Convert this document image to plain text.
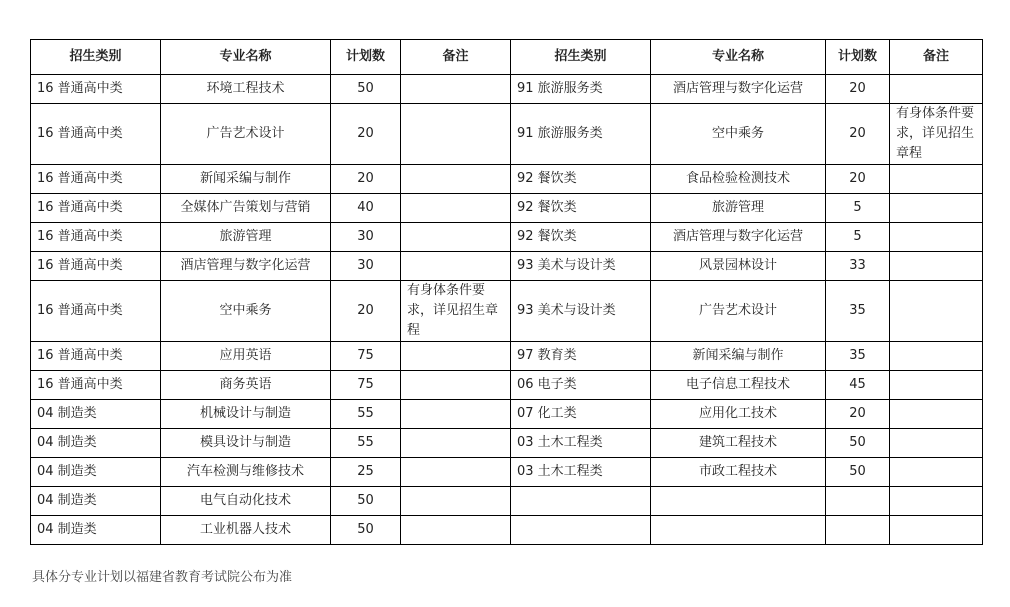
招生类别	专业名称	计划数	备注	招生类别	专业名称	计划数	备注
16 普通高中类	环境工程技术	50		91 旅游服务类	酒店管理与数字化运营	20	
16 普通高中类	广告艺术设计	20		91 旅游服务类	空中乘务	20	有身体条件要求，详见招生章程
16 普通高中类	新闻采编与制作	20		92 餐饮类	食品检验检测技术	20	
16 普通高中类	全媒体广告策划与营销	40		92 餐饮类	旅游管理	5	
16 普通高中类	旅游管理	30		92 餐饮类	酒店管理与数字化运营	5	
16 普通高中类	酒店管理与数字化运营	30		93 美术与设计类	风景园林设计	33	
16 普通高中类	空中乘务	20	有身体条件要求，详见招生章程	93 美术与设计类	广告艺术设计	35	
16 普通高中类	应用英语	75		97 教育类	新闻采编与制作	35	
16 普通高中类	商务英语	75		06 电子类	电子信息工程技术	45	
04 制造类	机械设计与制造	55		07 化工类	应用化工技术	20	
04 制造类	模具设计与制造	55		03 土木工程类	建筑工程技术	50	
04 制造类	汽车检测与维修技术	25		03 土木工程类	市政工程技术	50	
04 制造类	电气自动化技术	50					
04 制造类	工业机器人技术	50					
具体分专业计划以福建省教育考试院公布为准
